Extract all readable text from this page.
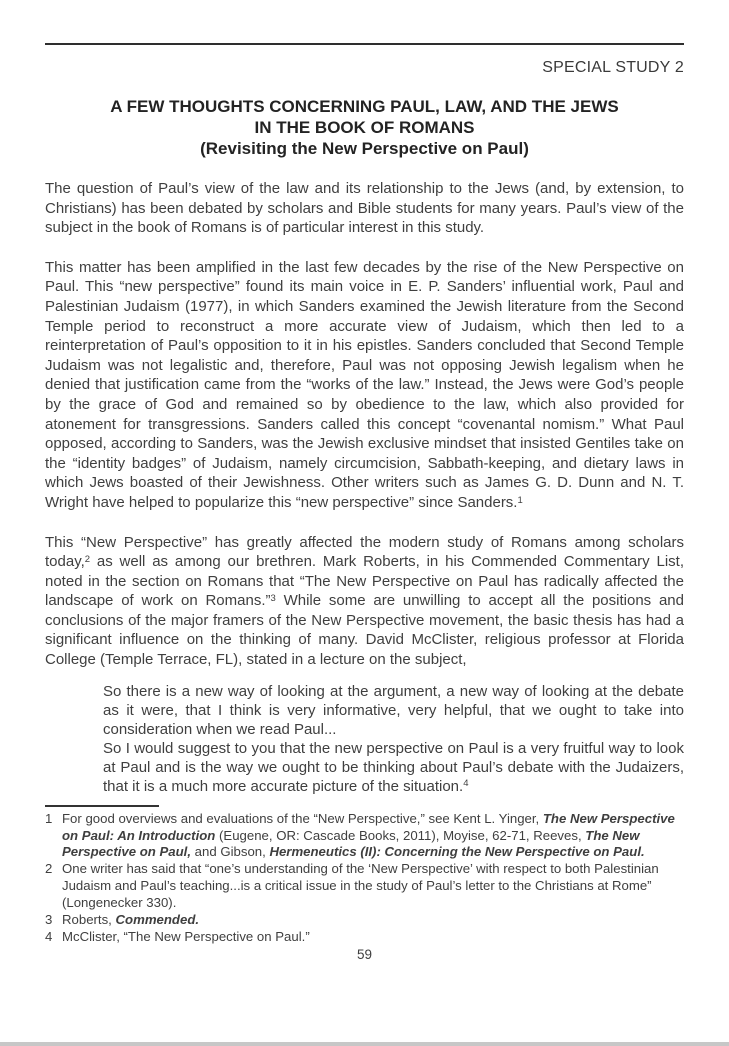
SPECIAL STUDY 2
A FEW THOUGHTS CONCERNING PAUL, LAW, AND THE JEWS
IN THE BOOK OF ROMANS
(Revisiting the New Perspective on Paul)

The question of Paul’s view of the law and its relationship to the Jews (and, by extension, to Christians) has been debated by scholars and Bible students for many years. Paul’s view of the subject in the book of Romans is of particular interest in this study.

This matter has been amplified in the last few decades by the rise of the New Perspective on Paul. This “new perspective” found its main voice in E. P. Sanders’ influential work, Paul and Palestinian Judaism (1977), in which Sanders examined the Jewish literature from the Second Temple period to reconstruct a more accurate view of Judaism, which then led to a reinterpretation of Paul’s opposition to it in his epistles. Sanders concluded that Second Temple Judaism was not legalistic and, therefore, Paul was not opposing Jewish legalism when he denied that justification came from the “works of the law.” Instead, the Jews were God’s people by the grace of God and remained so by obedience to the law, which also provided for atonement for transgressions. Sanders called this concept “covenantal nomism.” What Paul opposed, according to Sanders, was the Jewish exclusive mindset that insisted Gentiles take on the “identity badges” of Judaism, namely circumcision, Sabbath-keeping, and dietary laws in which Jews boasted of their Jewishness. Other writers such as James G. D. Dunn and N. T. Wright have helped to popularize this “new perspective” since Sanders.$^1$

This “New Perspective” has greatly affected the modern study of Romans among scholars today,$^2$ as well as among our brethren. Mark Roberts, in his Commended Commentary List, noted in the section on Romans that “The New Perspective on Paul has radically affected the landscape of work on Romans.”$^3$ While some are unwilling to accept all the positions and conclusions of the major framers of the New Perspective movement, the basic thesis has had a significant influence on the thinking of many. David McClister, religious professor at Florida College (Temple Terrace, FL), stated in a lecture on the subject,

So there is a new way of looking at the argument, a new way of looking at the debate as it were, that I think is very informative, very helpful, that we ought to take into consideration when we read Paul...

So I would suggest to you that the new perspective on Paul is a very fruitful way to look at Paul and is the way we ought to be thinking about Paul’s debate with the Judaizers, that it is a much more accurate picture of the situation.$^4$

1 For good overviews and evaluations of the “New Perspective,” see Kent L. Yinger, The New Perspective on Paul: An Introduction (Eugene, OR: Cascade Books, 2011), Moyise, 62-71, Reeves, The New Perspective on Paul, and Gibson, Hermeneutics (II): Concerning the New Perspective on Paul.
2 One writer has said that “one’s understanding of the ‘New Perspective’ with respect to both Palestinian Judaism and Paul’s teaching...is a critical issue in the study of Paul’s letter to the Christians at Rome” (Longenecker 330).
3 Roberts, Commended.
4 McClister, “The New Perspective on Paul.”
59
